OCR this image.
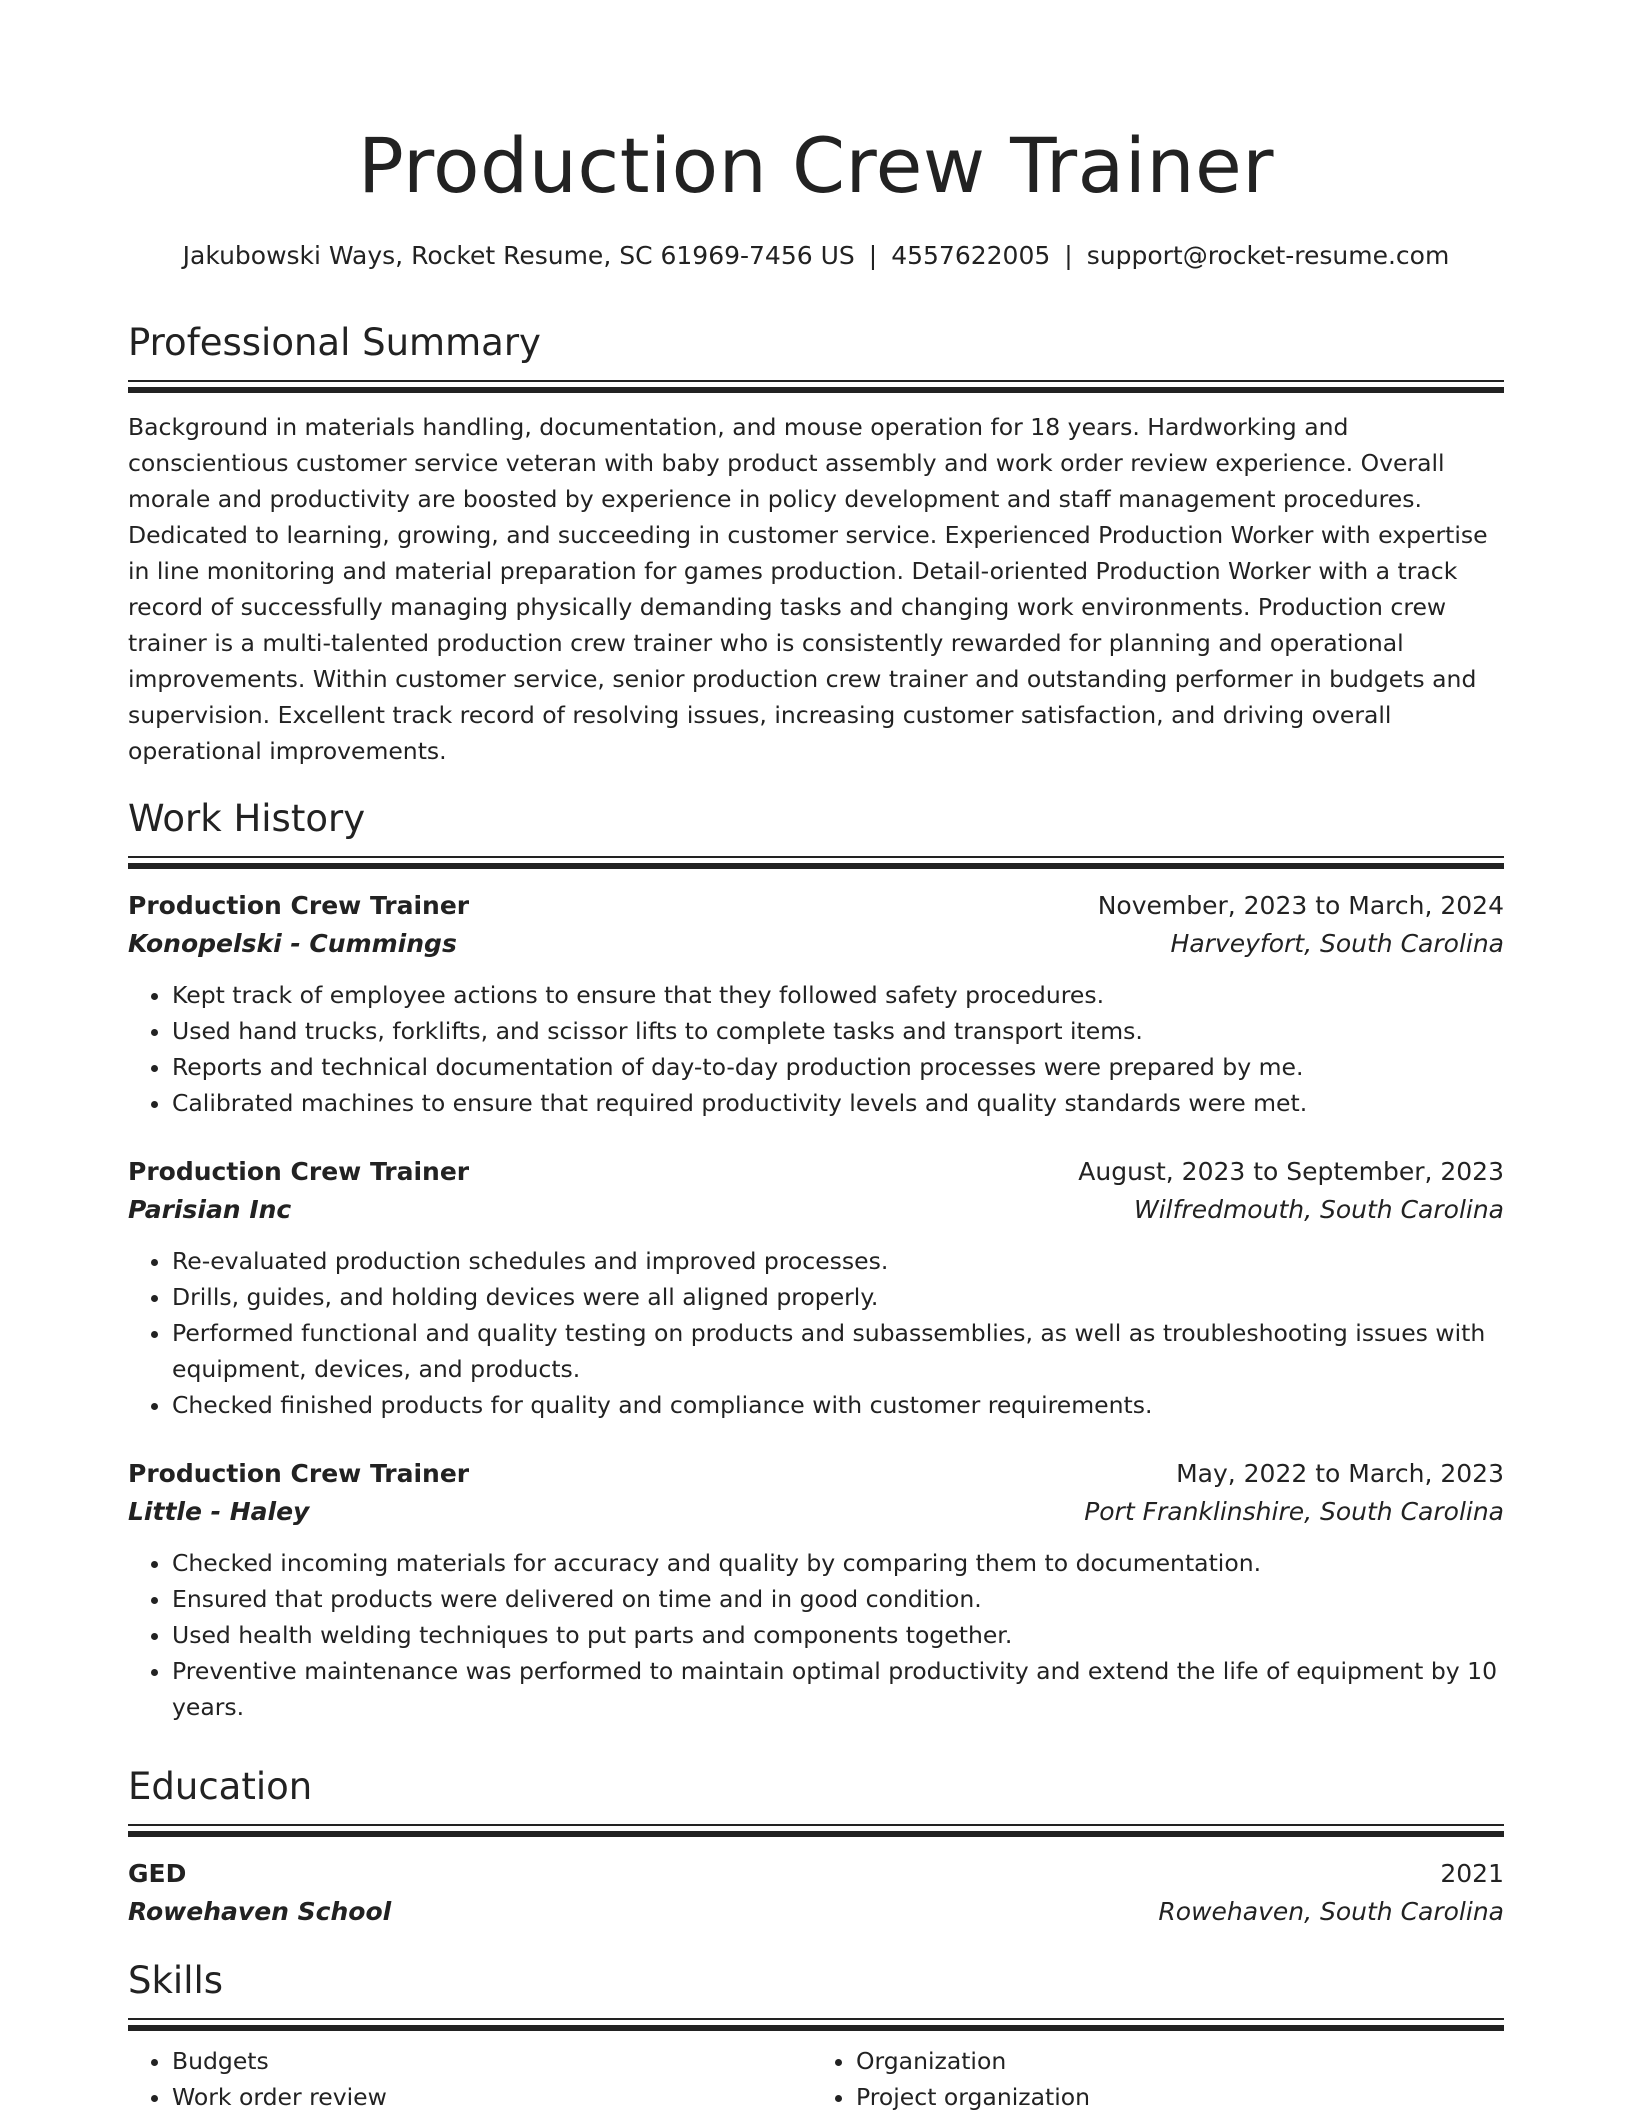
Production Crew Trainer

Jakubowski Ways, Rocket Resume, SC 61969-7456 US | 4557622005 | support@rocket-resume.com

Professional Summary

Background in materials handling, documentation, and mouse operation for 18 years. Hardworking and conscientious customer service veteran with baby product assembly and work order review experience. Overall morale and productivity are boosted by experience in policy development and staff management procedures. Dedicated to learning, growing, and succeeding in customer service. Experienced Production Worker with expertise in line monitoring and material preparation for games production. Detail-oriented Production Worker with a track record of successfully managing physically demanding tasks and changing work environments. Production crew trainer is a multi-talented production crew trainer who is consistently rewarded for planning and operational improvements. Within customer service, senior production crew trainer and outstanding performer in budgets and supervision. Excellent track record of resolving issues, increasing customer satisfaction, and driving overall operational improvements.

Work History
Production Crew Trainer	November, 2023 to March, 2024
Konopelski - Cummings	Harveyfort, South Carolina
• Kept track of employee actions to ensure that they followed safety procedures.
• Used hand trucks, forklifts, and scissor lifts to complete tasks and transport items.
• Reports and technical documentation of day-to-day production processes were prepared by me.
• Calibrated machines to ensure that required productivity levels and quality standards were met.
Production Crew Trainer	August, 2023 to September, 2023
Parisian Inc	Wilfredmouth, South Carolina
• Re-evaluated production schedules and improved processes.
• Drills, guides, and holding devices were all aligned properly.
• Performed functional and quality testing on products and subassemblies, as well as troubleshooting issues with equipment, devices, and products.
• Checked finished products for quality and compliance with customer requirements.
Production Crew Trainer	May, 2022 to March, 2023
Little - Haley	Port Franklinshire, South Carolina
• Checked incoming materials for accuracy and quality by comparing them to documentation.
• Ensured that products were delivered on time and in good condition.
• Used health welding techniques to put parts and components together.
• Preventive maintenance was performed to maintain optimal productivity and extend the life of equipment by 10 years.
Education
GED	2021
Rowehaven School	Rowehaven, South Carolina
Skills
• Budgets
• Work order review
• Organization
• Project organization
